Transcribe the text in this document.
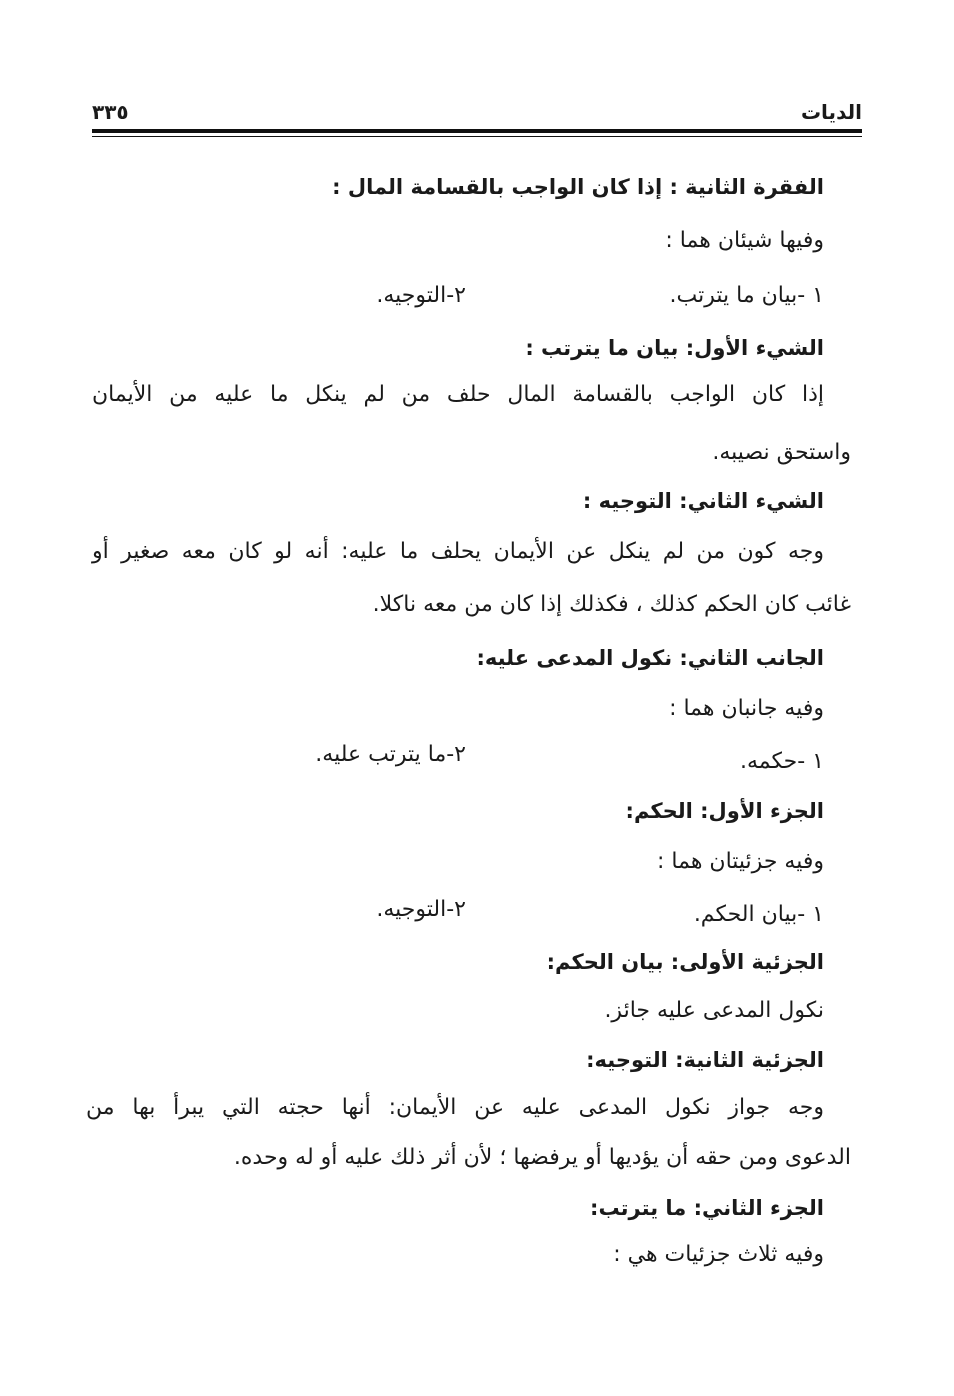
الديات
٣٣٥
الفقرة الثانية : إذا كان الواجب بالقسامة المال :
وفيها شيئان هما :
١ -بيان ما يترتب.
٢-التوجيه.
الشيء الأول: بيان ما يترتب :
إذا كان الواجب بالقسامة المال حلف من لم ينكل ما عليه من الأيمان
واستحق نصيبه.
الشيء الثاني: التوجيه :
وجه كون من لم ينكل عن الأيمان يحلف ما عليه: أنه لو كان معه صغير أو
غائب كان الحكم كذلك ، فكذلك إذا كان من معه ناكلا.
الجانب الثاني: نكول المدعى عليه:
وفيه جانبان هما :
١ -حكمه.
٢-ما يترتب عليه.
الجزء الأول: الحكم:
وفيه جزئيتان هما :
١ -بيان الحكم.
٢-التوجيه.
الجزئية الأولى: بيان الحكم:
نكول المدعى عليه جائز.
الجزئية الثانية: التوجيه:
وجه جواز نكول المدعى عليه عن الأيمان: أنها حجته التي يبرأ بها من
الدعوى ومن حقه أن يؤديها أو يرفضها ؛ لأن أثر ذلك عليه أو له وحده.
الجزء الثاني: ما يترتب:
وفيه ثلاث جزئيات هي :
